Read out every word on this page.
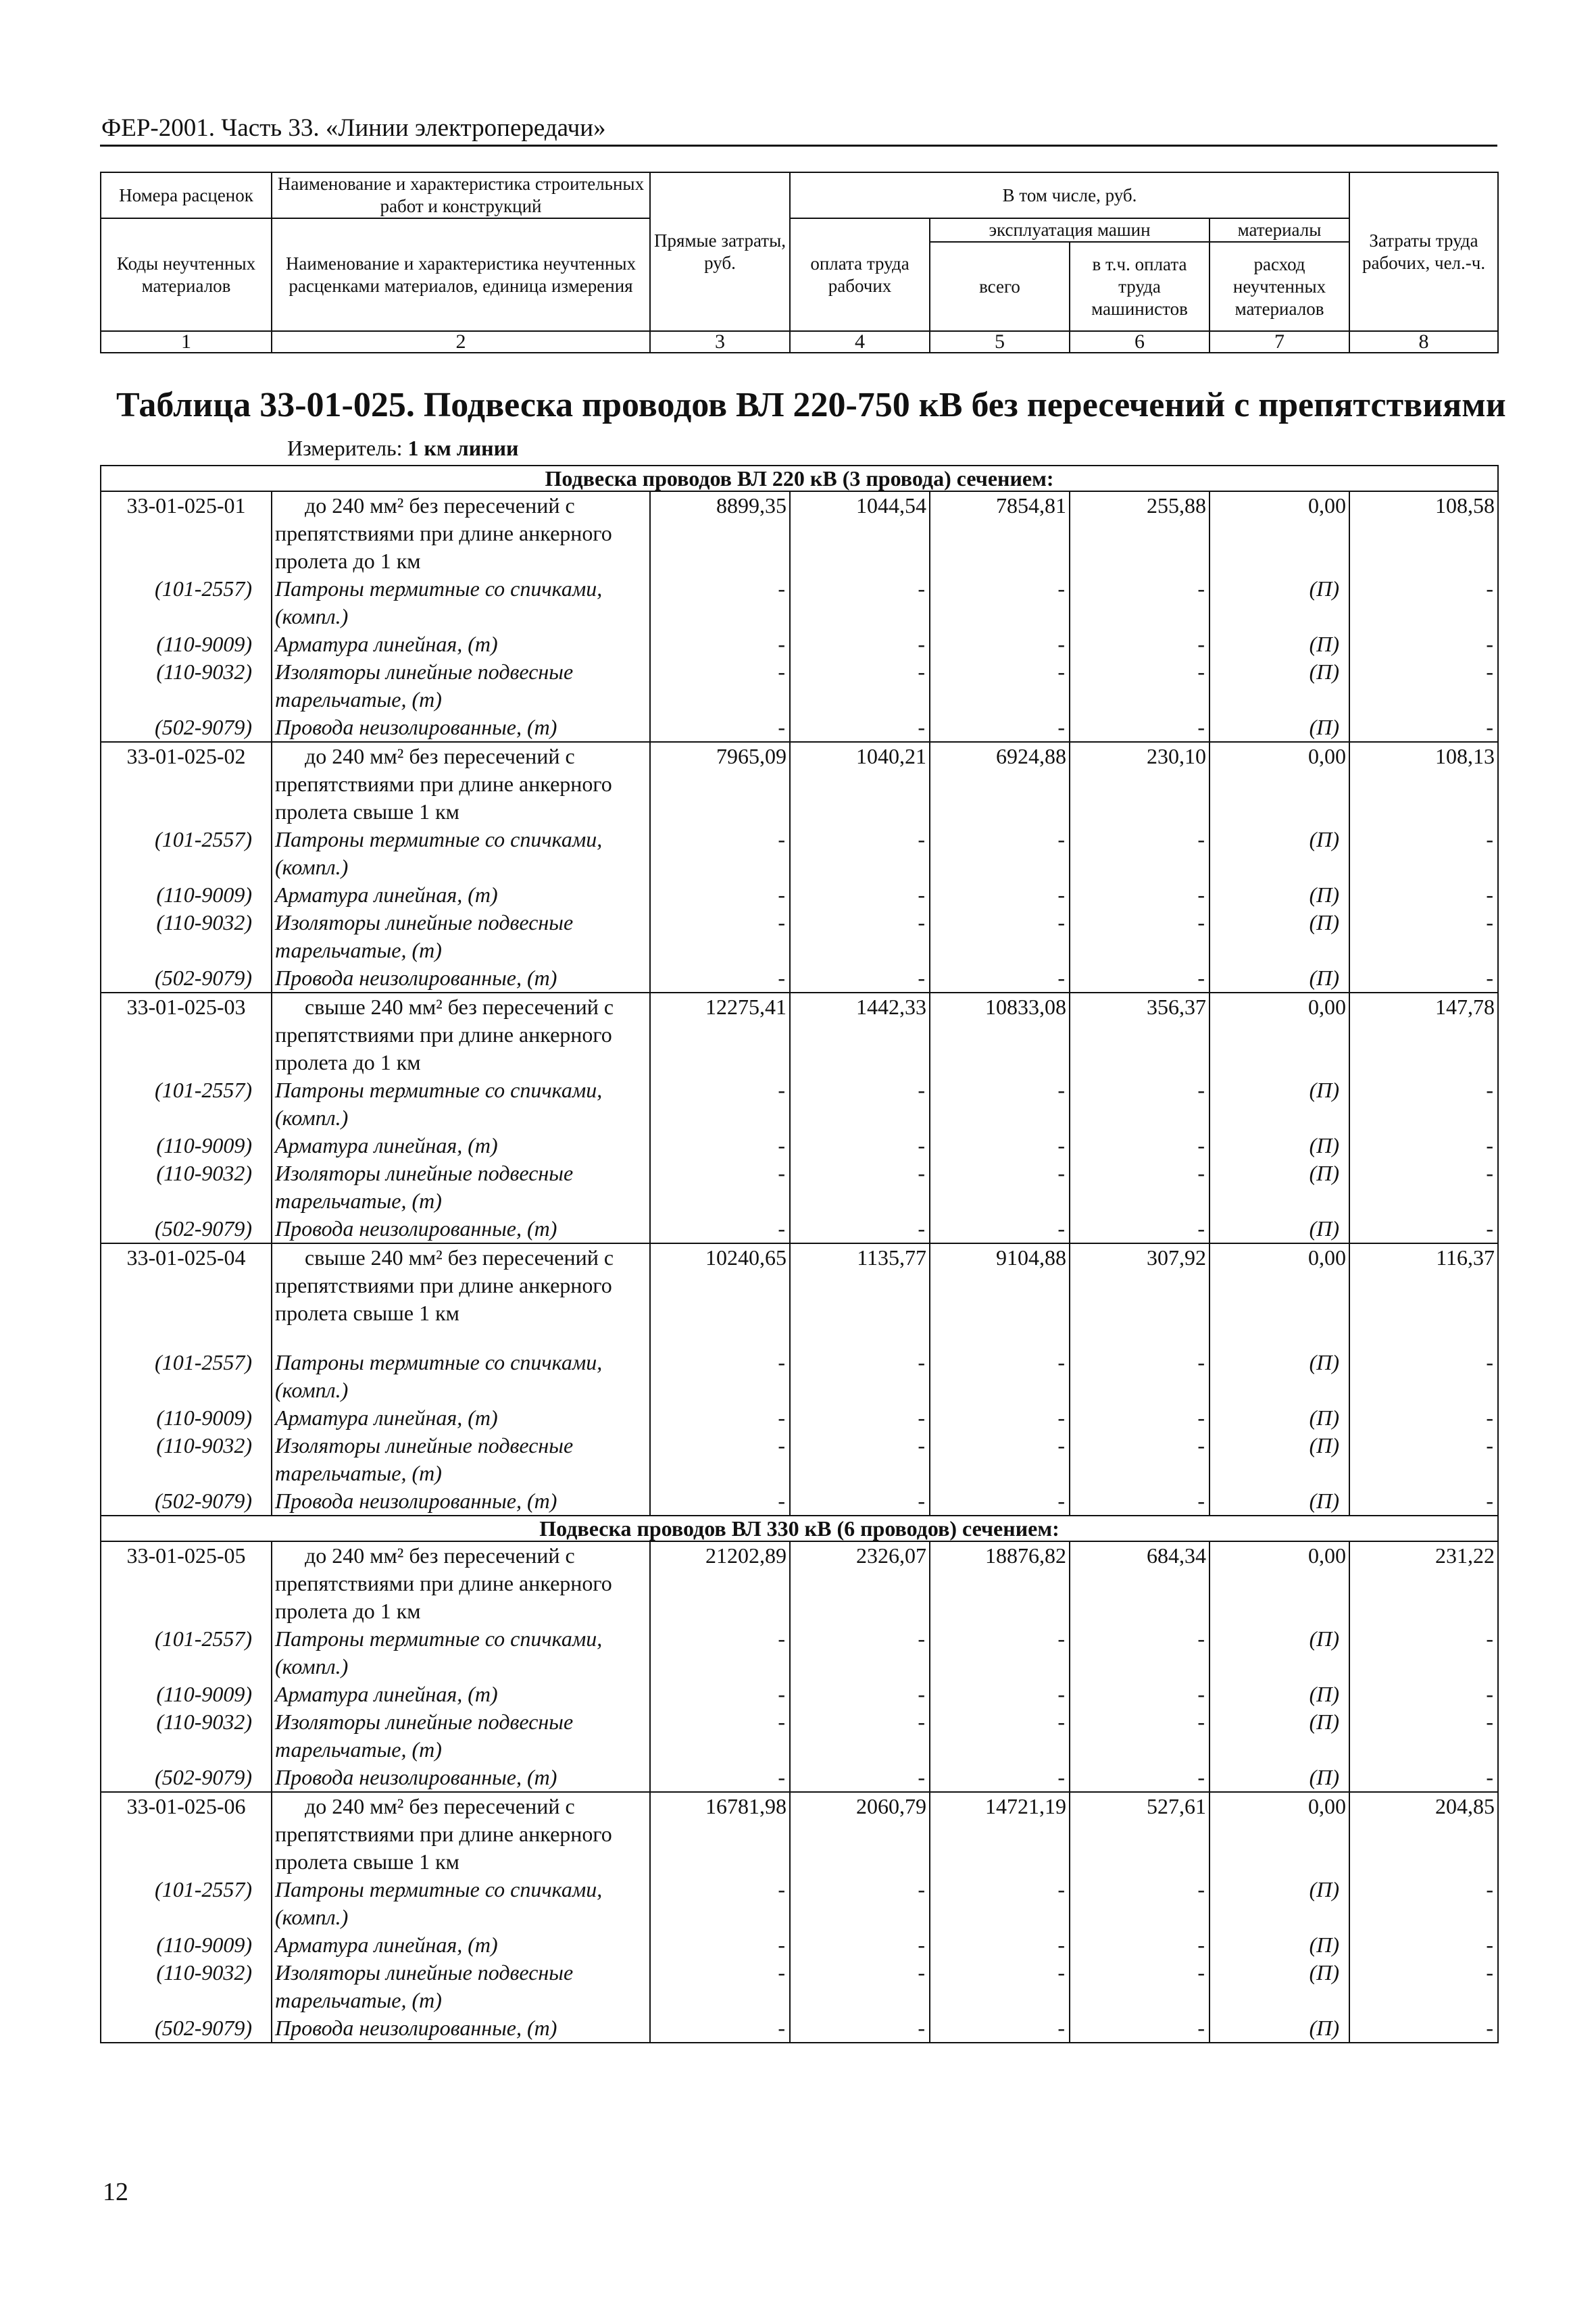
ФЕР-2001. Часть 33. «Линии электропередачи»
Номера расценок	Наименование и характеристика строительных работ и конструкций	Прямые затраты, руб.	В том числе, руб.				Затраты труда рабочих, чел.-ч.
Коды неучтенных материалов	Наименование и характеристика неучтенных расценками материалов, единица измерения		оплата труда рабочих	эксплуатация машин		материалы	
				всего	в т.ч. оплата труда машинистов	расход неучтенных материалов	
1	2	3	4	5	6	7	8
Таблица 33-01-025. Подвеска проводов ВЛ 220-750 кВ без пересечений с препятствиями
Измеритель: 1 км линии
Подвеска проводов ВЛ 220 кВ (3 провода) сечением:							
33-01-025-01	до 240 мм² без пересечений с препятствиями при длине анкерного пролета до 1 км	8899,35	1044,54	7854,81	255,88	0,00	108,58
(101-2557)	Патроны термитные со спичками, (компл.)	-	-	-	-	(П)	-
(110-9009)	Арматура линейная, (т)	-	-	-	-	(П)	-
(110-9032)	Изоляторы линейные подвесные тарельчатые, (т)	-	-	-	-	(П)	-
(502-9079)	Провода неизолированные, (т)	-	-	-	-	(П)	-
33-01-025-02	до 240 мм² без пересечений с препятствиями при длине анкерного пролета свыше 1 км	7965,09	1040,21	6924,88	230,10	0,00	108,13
(101-2557)	Патроны термитные со спичками, (компл.)	-	-	-	-	(П)	-
(110-9009)	Арматура линейная, (т)	-	-	-	-	(П)	-
(110-9032)	Изоляторы линейные подвесные тарельчатые, (т)	-	-	-	-	(П)	-
(502-9079)	Провода неизолированные, (т)	-	-	-	-	(П)	-
33-01-025-03	свыше 240 мм² без пересечений с препятствиями при длине анкерного пролета до 1 км	12275,41	1442,33	10833,08	356,37	0,00	147,78
(101-2557)	Патроны термитные со спичками, (компл.)	-	-	-	-	(П)	-
(110-9009)	Арматура линейная, (т)	-	-	-	-	(П)	-
(110-9032)	Изоляторы линейные подвесные тарельчатые, (т)	-	-	-	-	(П)	-
(502-9079)	Провода неизолированные, (т)	-	-	-	-	(П)	-
33-01-025-04	свыше 240 мм² без пересечений с препятствиями при длине анкерного пролета свыше 1 км	10240,65	1135,77	9104,88	307,92	0,00	116,37
(101-2557)	Патроны термитные со спичками, (компл.)	-	-	-	-	(П)	-
(110-9009)	Арматура линейная, (т)	-	-	-	-	(П)	-
(110-9032)	Изоляторы линейные подвесные тарельчатые, (т)	-	-	-	-	(П)	-
(502-9079)	Провода неизолированные, (т)	-	-	-	-	(П)	-
Подвеска проводов ВЛ 330 кВ (6 проводов) сечением:							
33-01-025-05	до 240 мм² без пересечений с препятствиями при длине анкерного пролета до 1 км	21202,89	2326,07	18876,82	684,34	0,00	231,22
(101-2557)	Патроны термитные со спичками, (компл.)	-	-	-	-	(П)	-
(110-9009)	Арматура линейная, (т)	-	-	-	-	(П)	-
(110-9032)	Изоляторы линейные подвесные тарельчатые, (т)	-	-	-	-	(П)	-
(502-9079)	Провода неизолированные, (т)	-	-	-	-	(П)	-
33-01-025-06	до 240 мм² без пересечений с препятствиями при длине анкерного пролета свыше 1 км	16781,98	2060,79	14721,19	527,61	0,00	204,85
(101-2557)	Патроны термитные со спичками, (компл.)	-	-	-	-	(П)	-
(110-9009)	Арматура линейная, (т)	-	-	-	-	(П)	-
(110-9032)	Изоляторы линейные подвесные тарельчатые, (т)	-	-	-	-	(П)	-
(502-9079)	Провода неизолированные, (т)	-	-	-	-	(П)	-
12
